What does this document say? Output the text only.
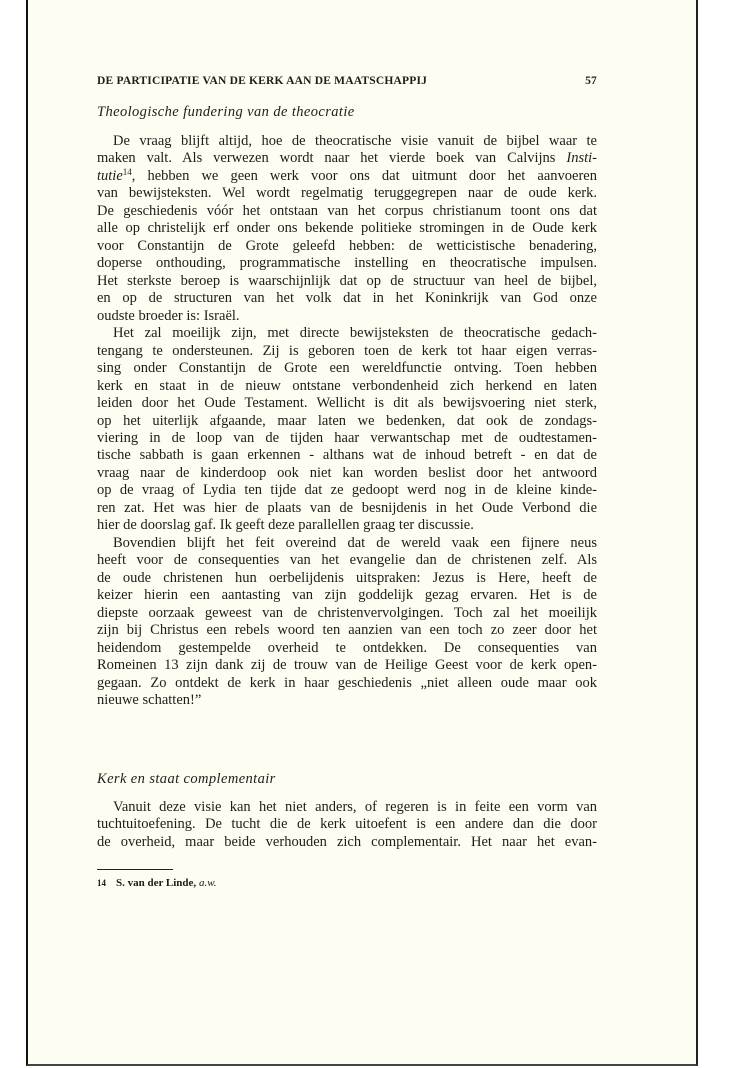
DE PARTICIPATIE VAN DE KERK AAN DE MAATSCHAPPIJ	57
Theologische fundering van de theocratie
De vraag blijft altijd, hoe de theocratische visie vanuit de bijbel waar te
maken valt. Als verwezen wordt naar het vierde boek van Calvijns Insti-
tutie$^{14}$, hebben we geen werk voor ons dat uitmunt door het aanvoeren
van bewijsteksten. Wel wordt regelmatig teruggegrepen naar de oude kerk.
De geschiedenis vóór het ontstaan van het corpus christianum toont ons dat
alle op christelijk erf onder ons bekende politieke stromingen in de Oude kerk
voor Constantijn de Grote geleefd hebben: de wetticistische benadering,
doperse onthouding, programmatische instelling en theocratische impulsen.
Het sterkste beroep is waarschijnlijk dat op de structuur van heel de bijbel,
en op de structuren van het volk dat in het Koninkrijk van God onze
oudste broeder is: Israël.
Het zal moeilijk zijn, met directe bewijsteksten de theocratische gedach-
tengang te ondersteunen. Zij is geboren toen de kerk tot haar eigen verras-
sing onder Constantijn de Grote een wereldfunctie ontving. Toen hebben
kerk en staat in de nieuw ontstane verbondenheid zich herkend en laten
leiden door het Oude Testament. Wellicht is dit als bewijsvoering niet sterk,
op het uiterlijk afgaande, maar laten we bedenken, dat ook de zondags-
viering in de loop van de tijden haar verwantschap met de oudtestamen-
tische sabbath is gaan erkennen - althans wat de inhoud betreft - en dat de
vraag naar de kinderdoop ook niet kan worden beslist door het antwoord
op de vraag of Lydia ten tijde dat ze gedoopt werd nog in de kleine kinde-
ren zat. Het was hier de plaats van de besnijdenis in het Oude Verbond die
hier de doorslag gaf. Ik geeft deze parallellen graag ter discussie.
Bovendien blijft het feit overeind dat de wereld vaak een fijnere neus
heeft voor de consequenties van het evangelie dan de christenen zelf. Als
de oude christenen hun oerbelijdenis uitspraken: Jezus is Here, heeft de
keizer hierin een aantasting van zijn goddelijk gezag ervaren. Het is de
diepste oorzaak geweest van de christenvervolgingen. Toch zal het moeilijk
zijn bij Christus een rebels woord ten aanzien van een toch zo zeer door het
heidendom gestempelde overheid te ontdekken. De consequenties van
Romeinen 13 zijn dank zij de trouw van de Heilige Geest voor de kerk open-
gegaan. Zo ontdekt de kerk in haar geschiedenis „niet alleen oude maar ook
nieuwe schatten!”
Kerk en staat complementair
Vanuit deze visie kan het niet anders, of regeren is in feite een vorm van
tuchtuitoefening. De tucht die de kerk uitoefent is een andere dan die door
de overheid, maar beide verhouden zich complementair. Het naar het evan-
14 S. van der Linde, a.w.
